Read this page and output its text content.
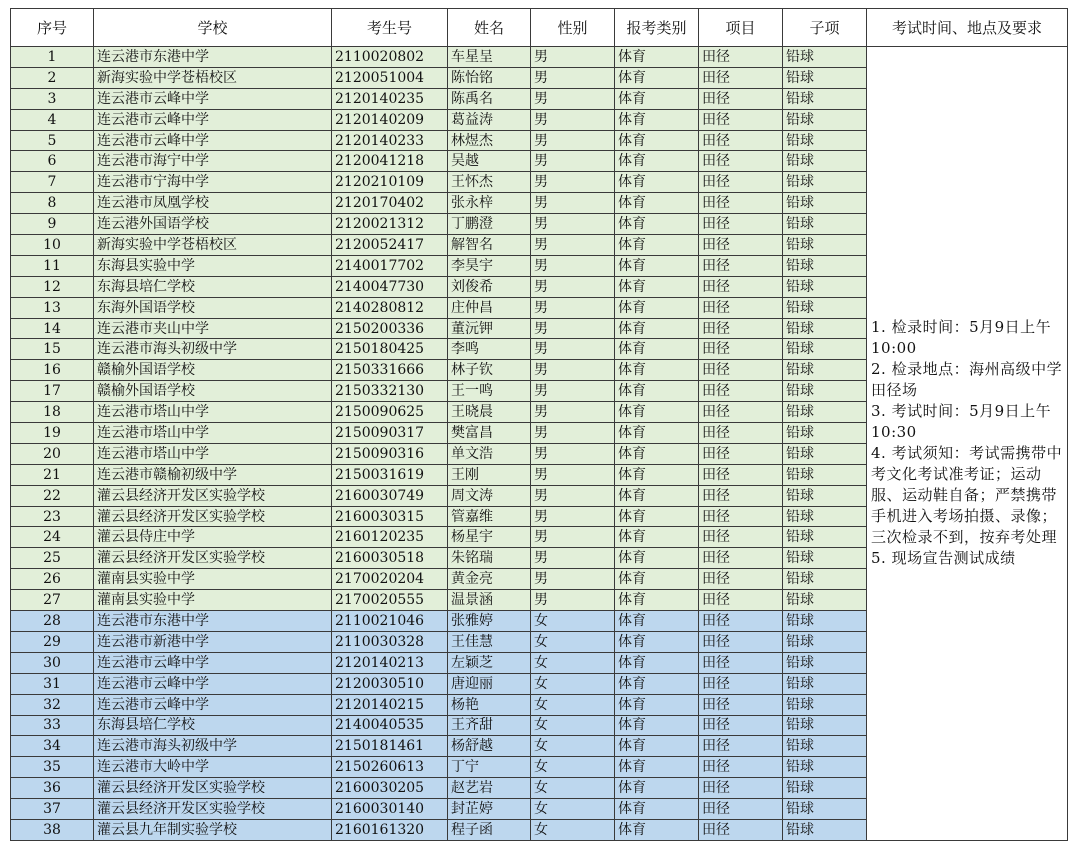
序号	学校	考生号	姓名	性别	报考类别	项目	子项	考试时间、地点及要求
1	连云港市东港中学	2110020802	车星呈	男	体育	田径	铅球	1. 检录时间：5月9日上午10:00
2. 检录地点：海州高级中学田径场
3. 考试时间：5月9日上午10:30
4. 考试须知：考试需携带中考文化考试准考证；运动服、运动鞋自备；严禁携带手机进入考场拍摄、录像；三次检录不到，按弃考处理
5. 现场宣告测试成绩

2	新海实验中学苍梧校区	2120051004	陈怡铭	男	体育	田径	铅球	
3	连云港市云峰中学	2120140235	陈禹名	男	体育	田径	铅球	
4	连云港市云峰中学	2120140209	葛益涛	男	体育	田径	铅球	
5	连云港市云峰中学	2120140233	林煜杰	男	体育	田径	铅球	
6	连云港市海宁中学	2120041218	吴越	男	体育	田径	铅球	
7	连云港市宁海中学	2120210109	王怀杰	男	体育	田径	铅球	
8	连云港市凤凰学校	2120170402	张永梓	男	体育	田径	铅球	
9	连云港外国语学校	2120021312	丁鹏澄	男	体育	田径	铅球	
10	新海实验中学苍梧校区	2120052417	解智名	男	体育	田径	铅球	
11	东海县实验中学	2140017702	李昊宇	男	体育	田径	铅球	
12	东海县培仁学校	2140047730	刘俊希	男	体育	田径	铅球	
13	东海外国语学校	2140280812	庄仲昌	男	体育	田径	铅球	
14	连云港市夹山中学	2150200336	董沅钾	男	体育	田径	铅球	
15	连云港市海头初级中学	2150180425	李鸣	男	体育	田径	铅球	
16	赣榆外国语学校	2150331666	林子钦	男	体育	田径	铅球	
17	赣榆外国语学校	2150332130	王一鸣	男	体育	田径	铅球	
18	连云港市塔山中学	2150090625	王晓晨	男	体育	田径	铅球	
19	连云港市塔山中学	2150090317	樊富昌	男	体育	田径	铅球	
20	连云港市塔山中学	2150090316	单文浩	男	体育	田径	铅球	
21	连云港市赣榆初级中学	2150031619	王刚	男	体育	田径	铅球	
22	灌云县经济开发区实验学校	2160030749	周文涛	男	体育	田径	铅球	
23	灌云县经济开发区实验学校	2160030315	管嘉维	男	体育	田径	铅球	
24	灌云县侍庄中学	2160120235	杨星宇	男	体育	田径	铅球	
25	灌云县经济开发区实验学校	2160030518	朱铭瑞	男	体育	田径	铅球	
26	灌南县实验中学	2170020204	黄金亮	男	体育	田径	铅球	
27	灌南县实验中学	2170020555	温景涵	男	体育	田径	铅球	
28	连云港市东港中学	2110021046	张雅婷	女	体育	田径	铅球	
29	连云港市新港中学	2110030328	王佳慧	女	体育	田径	铅球	
30	连云港市云峰中学	2120140213	左颖芝	女	体育	田径	铅球	
31	连云港市云峰中学	2120030510	唐迎丽	女	体育	田径	铅球	
32	连云港市云峰中学	2120140215	杨艳	女	体育	田径	铅球	
33	东海县培仁学校	2140040535	王齐甜	女	体育	田径	铅球	
34	连云港市海头初级中学	2150181461	杨舒越	女	体育	田径	铅球	
35	连云港市大岭中学	2150260613	丁宁	女	体育	田径	铅球	
36	灌云县经济开发区实验学校	2160030205	赵艺岩	女	体育	田径	铅球	
37	灌云县经济开发区实验学校	2160030140	封芷婷	女	体育	田径	铅球	
38	灌云县九年制实验学校	2160161320	程子函	女	体育	田径	铅球	
